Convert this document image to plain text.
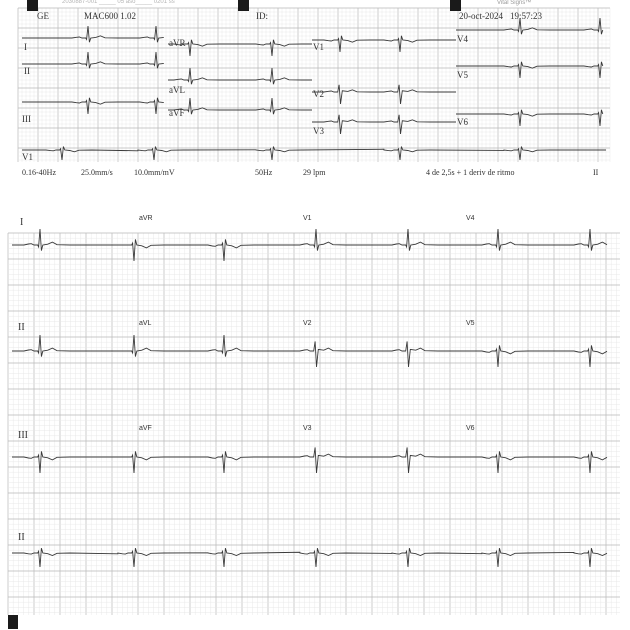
2030887-001 _____ 05 aso_____ 0201 ss	Vital Signs™
GE	MAC600 1.02	ID:	20-oct-2024 19:57:23
I
II
III
V1
aVR
aVL
aVF
V1
V2
V3
V4
V5
V6
0.16-40Hz	25.0mm/s	10.0mm/mV	50Hz	29 lpm	4 de 2,5s + 1 deriv de ritmo	II
I
II
III
II
aVR
aVL
aVF
V1
V2
V3
V4
V5
V6
